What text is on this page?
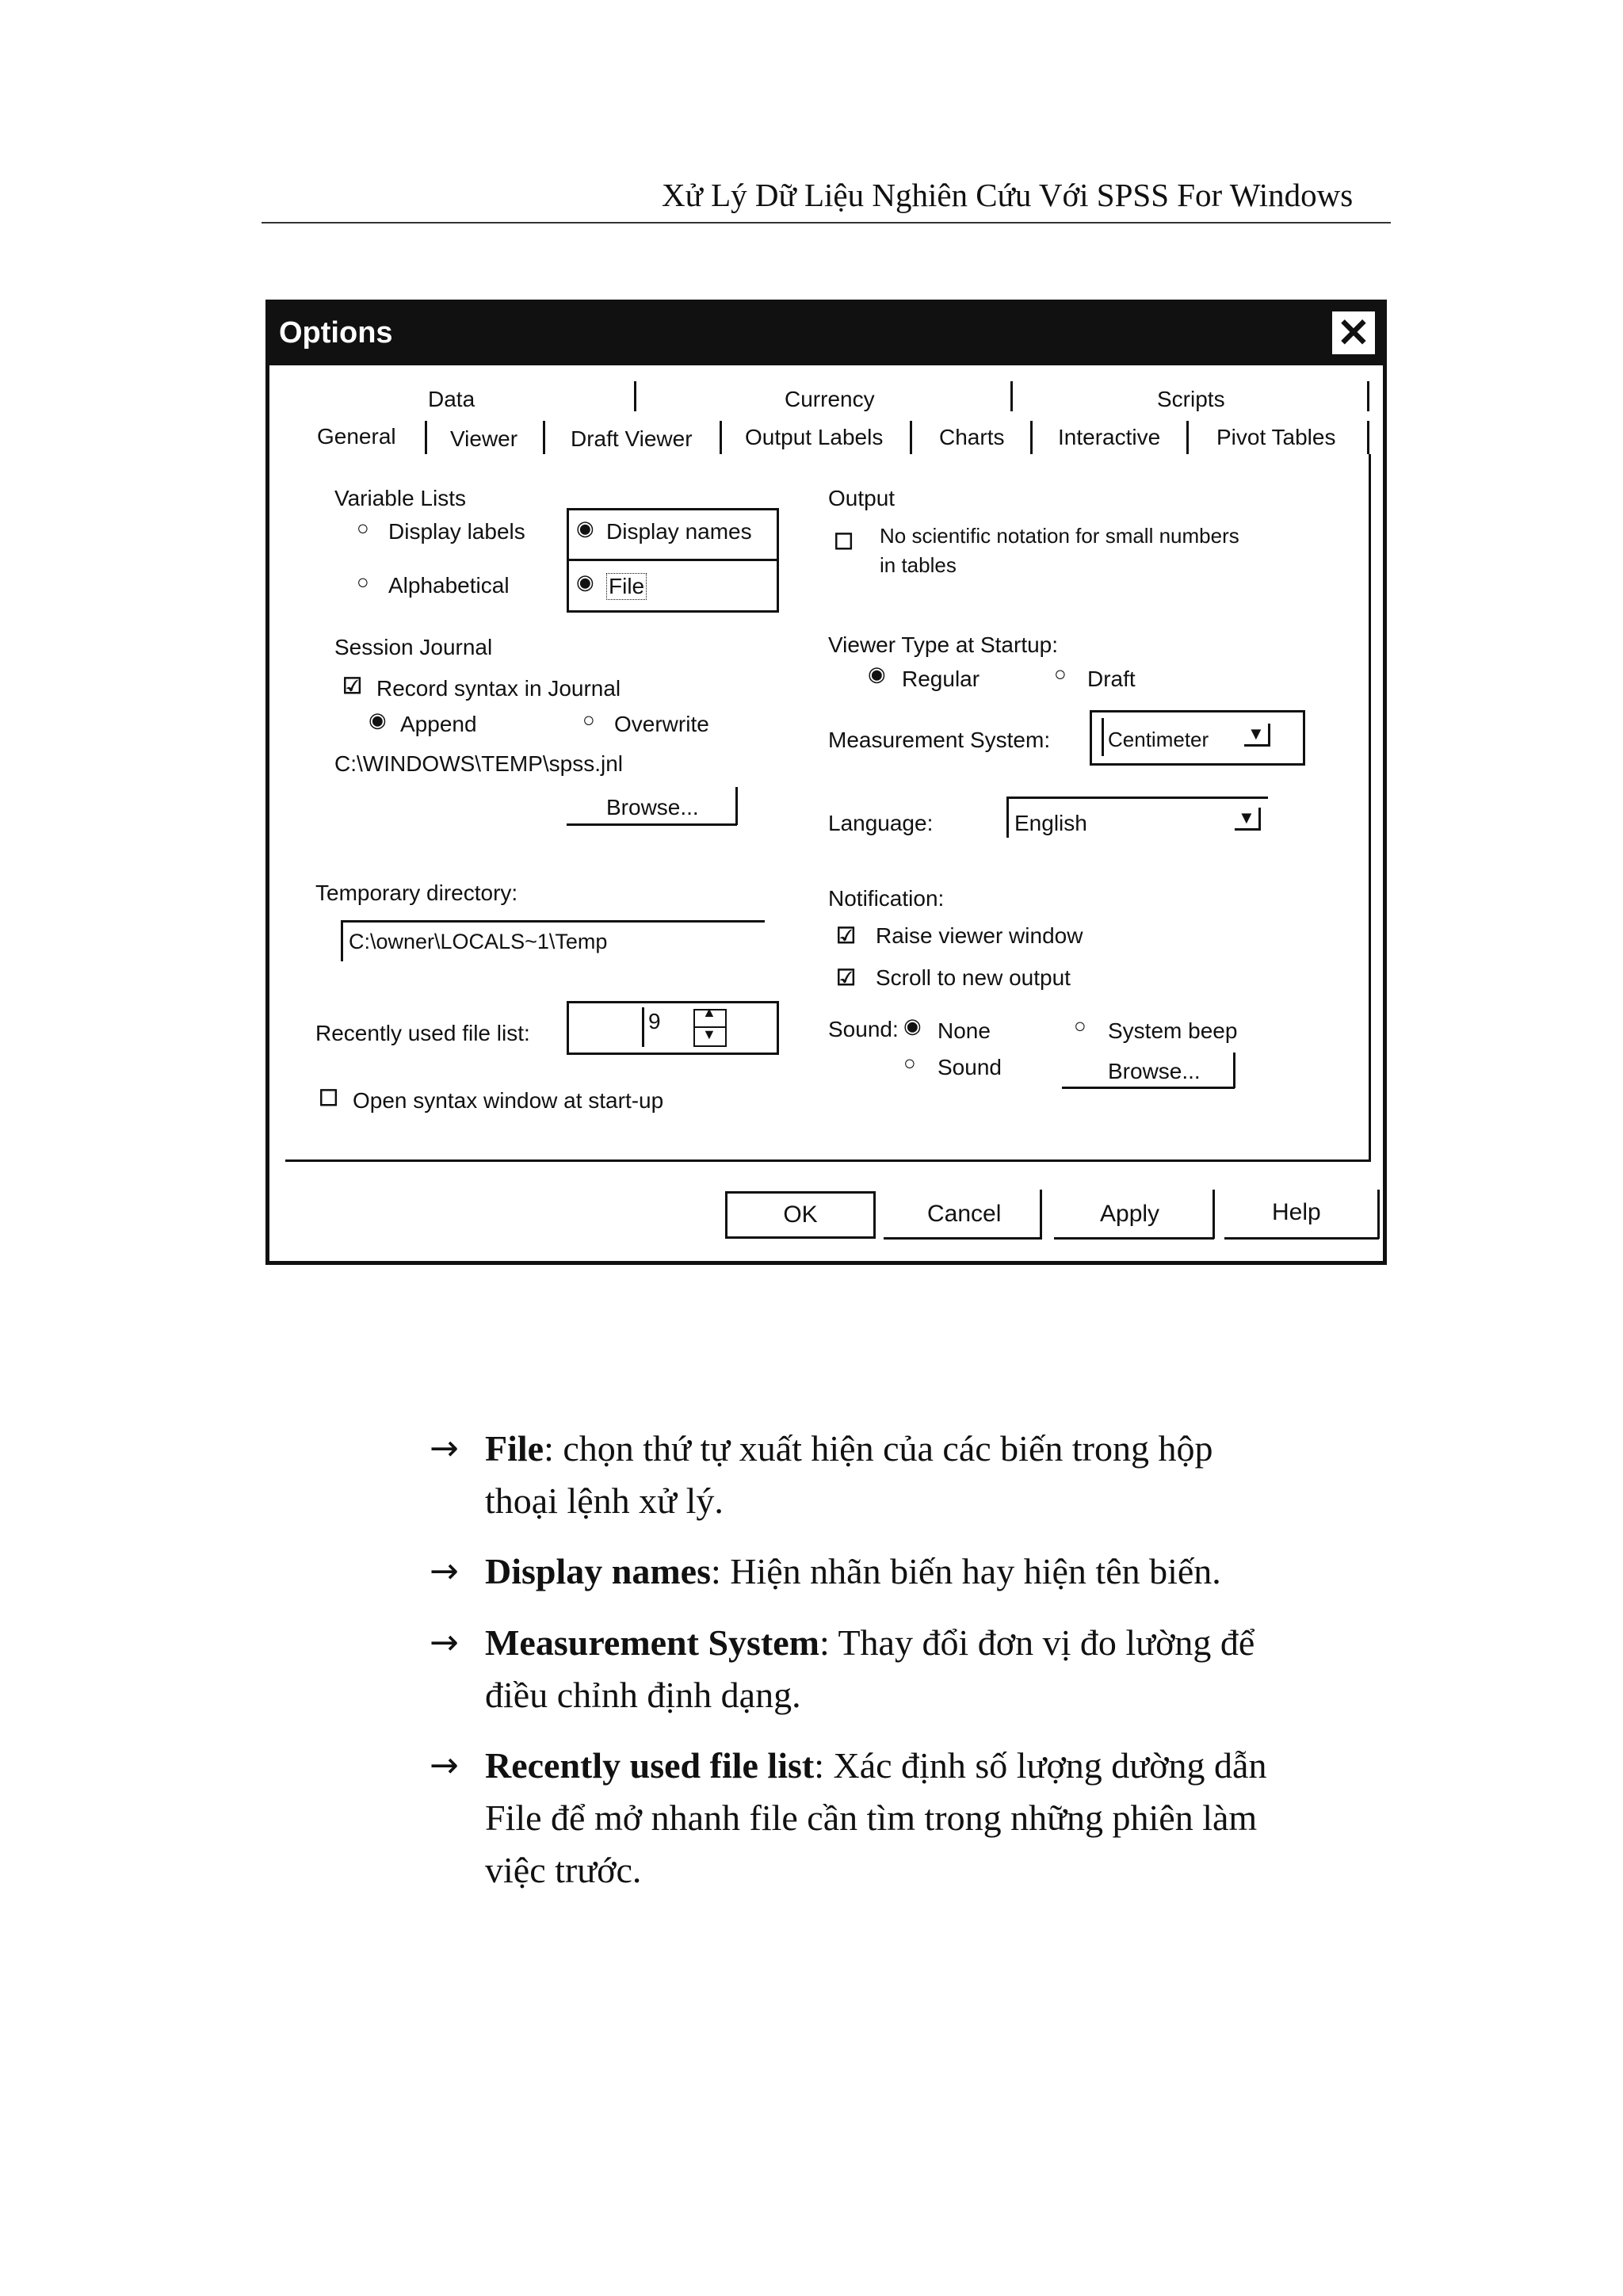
Xử Lý Dữ Liệu Nghiên Cứu Với SPSS For Windows
Options	✕
Data	Currency	Scripts
General Viewer Draft Viewer Output Labels	Charts Interactive	Pivot Tables
Variable Lists
○ Display labels ◉ Display names
○ Alphabetical	◉ File
Session Journal
☑ Record syntax in Journal
◉ Append	○ Overwrite
C:\WINDOWS\TEMP\spss.jnl
Browse...
Temporary directory:
C:\owner\LOCALS~1\Temp
Recently used file list:	9	▲
▼
☐ Open syntax window at start-up
Output
☐ No scientific notation for small numbers
in tables
Viewer Type at Startup:
◉ Regular	○ Draft
Measurement System:	Centimeter ▼
Language:	English	▼
Notification:
☑ Raise viewer window
☑ Scroll to new output
Sound: ◉ None	○ System beep
○ Sound	Browse...
OK	Cancel	Apply	Help
→ File: chọn thứ tự xuất hiện của các biến trong hộp
thoại lệnh xử lý.
→ Display names: Hiện nhãn biến hay hiện tên biến.
→ Measurement System: Thay đổi đơn vị đo lường để
điều chỉnh định dạng.
→ Recently used file list: Xác định số lượng dường dẫn
File để mở nhanh file cần tìm trong những phiên làm
việc trước.
